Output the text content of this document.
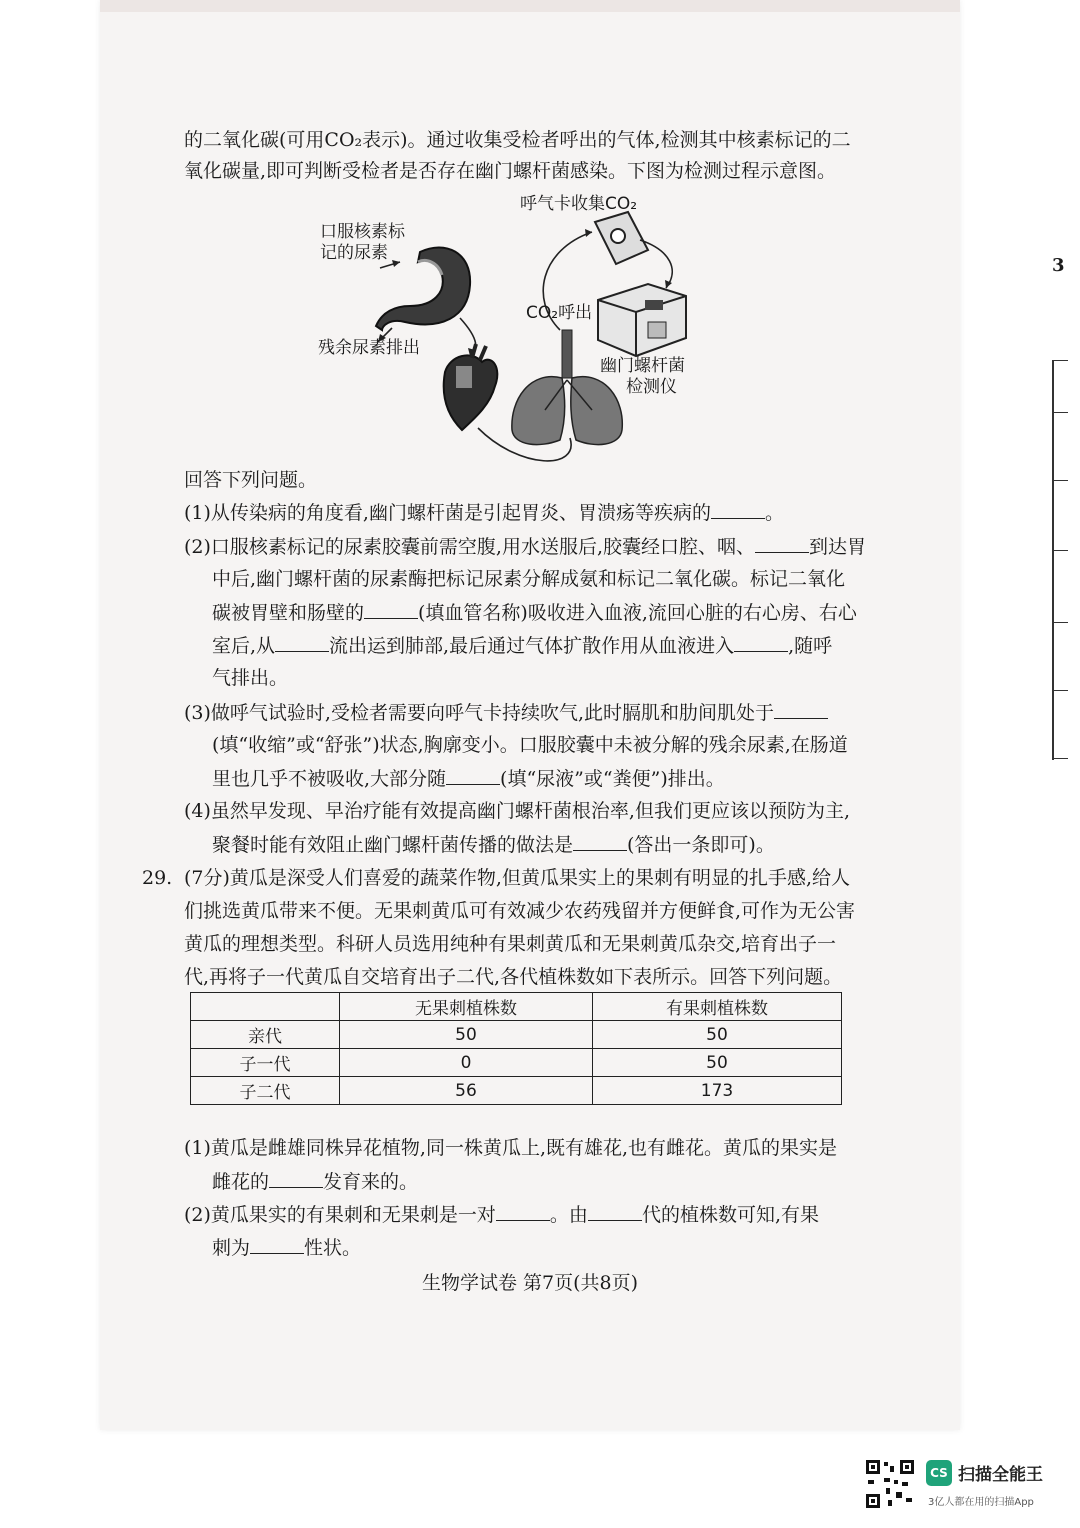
的二氧化碳(可用CO₂表示)。通过收集受检者呼出的气体,检测其中核素标记的二
氧化碳量,即可判断受检者是否存在幽门螺杆菌感染。下图为检测过程示意图。
口服核素标
记的尿素
残余尿素排出
呼气卡收集CO₂
CO₂呼出
幽门螺杆菌
检测仪
回答下列问题。
(1)从传染病的角度看,幽门螺杆菌是引起胃炎、胃溃疡等疾病的	。
(2)口服核素标记的尿素胶囊前需空腹,用水送服后,胶囊经口腔、咽、	到达胃
中后,幽门螺杆菌的尿素酶把标记尿素分解成氨和标记二氧化碳。标记二氧化
碳被胃壁和肠壁的	(填血管名称)吸收进入血液,流回心脏的右心房、右心
室后,从	流出运到肺部,最后通过气体扩散作用从血液进入	,随呼
气排出。
(3)做呼气试验时,受检者需要向呼气卡持续吹气,此时膈肌和肋间肌处于
(填“收缩”或“舒张”)状态,胸廓变小。口服胶囊中未被分解的残余尿素,在肠道
里也几乎不被吸收,大部分随	(填“尿液”或“粪便”)排出。
(4)虽然早发现、早治疗能有效提高幽门螺杆菌根治率,但我们更应该以预防为主,
聚餐时能有效阻止幽门螺杆菌传播的做法是	(答出一条即可)。
29. (7分)黄瓜是深受人们喜爱的蔬菜作物,但黄瓜果实上的果刺有明显的扎手感,给人
们挑选黄瓜带来不便。无果刺黄瓜可有效减少农药残留并方便鲜食,可作为无公害
黄瓜的理想类型。科研人员选用纯种有果刺黄瓜和无果刺黄瓜杂交,培育出子一
代,再将子一代黄瓜自交培育出子二代,各代植株数如下表所示。回答下列问题。
(1)黄瓜是雌雄同株异花植物,同一株黄瓜上,既有雄花,也有雌花。黄瓜的果实是
雌花的	发育来的。
(2)黄瓜果实的有果刺和无果刺是一对	。由	代的植株数可知,有果
刺为	性状。
生物学试卷 第7页(共8页)
	无果刺植株数	有果刺植株数
亲代	50	50
子一代	0	50
子二代	56	173
3
CS 扫描全能王
3亿人都在用的扫描App
